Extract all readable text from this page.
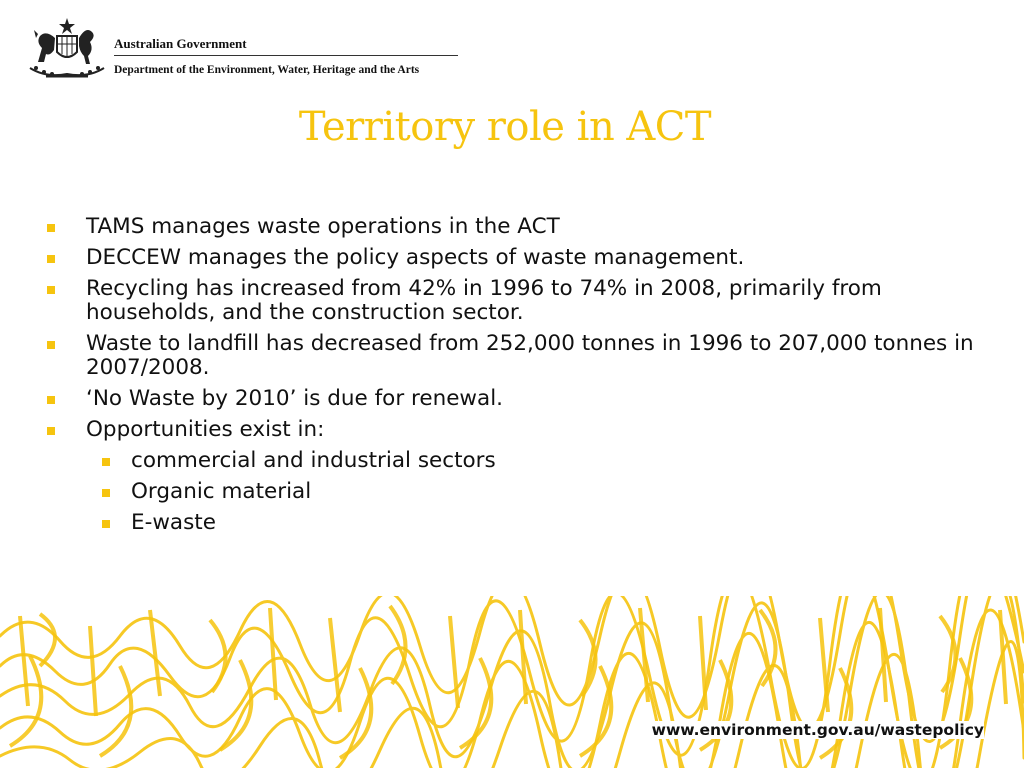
Australian Government
Department of the Environment, Water, Heritage and the Arts
Territory role in ACT
TAMS manages waste operations in the ACT
DECCEW manages the policy aspects of waste management.
Recycling has increased from 42% in 1996 to 74% in 2008, primarily from households, and the construction sector.
Waste to landfill has decreased from 252,000 tonnes in 1996 to 207,000 tonnes in 2007/2008.
‘No Waste by 2010’ is due for renewal.
Opportunities exist in:
commercial and industrial sectors
Organic material
E-waste
www.environment.gov.au/wastepolicy
